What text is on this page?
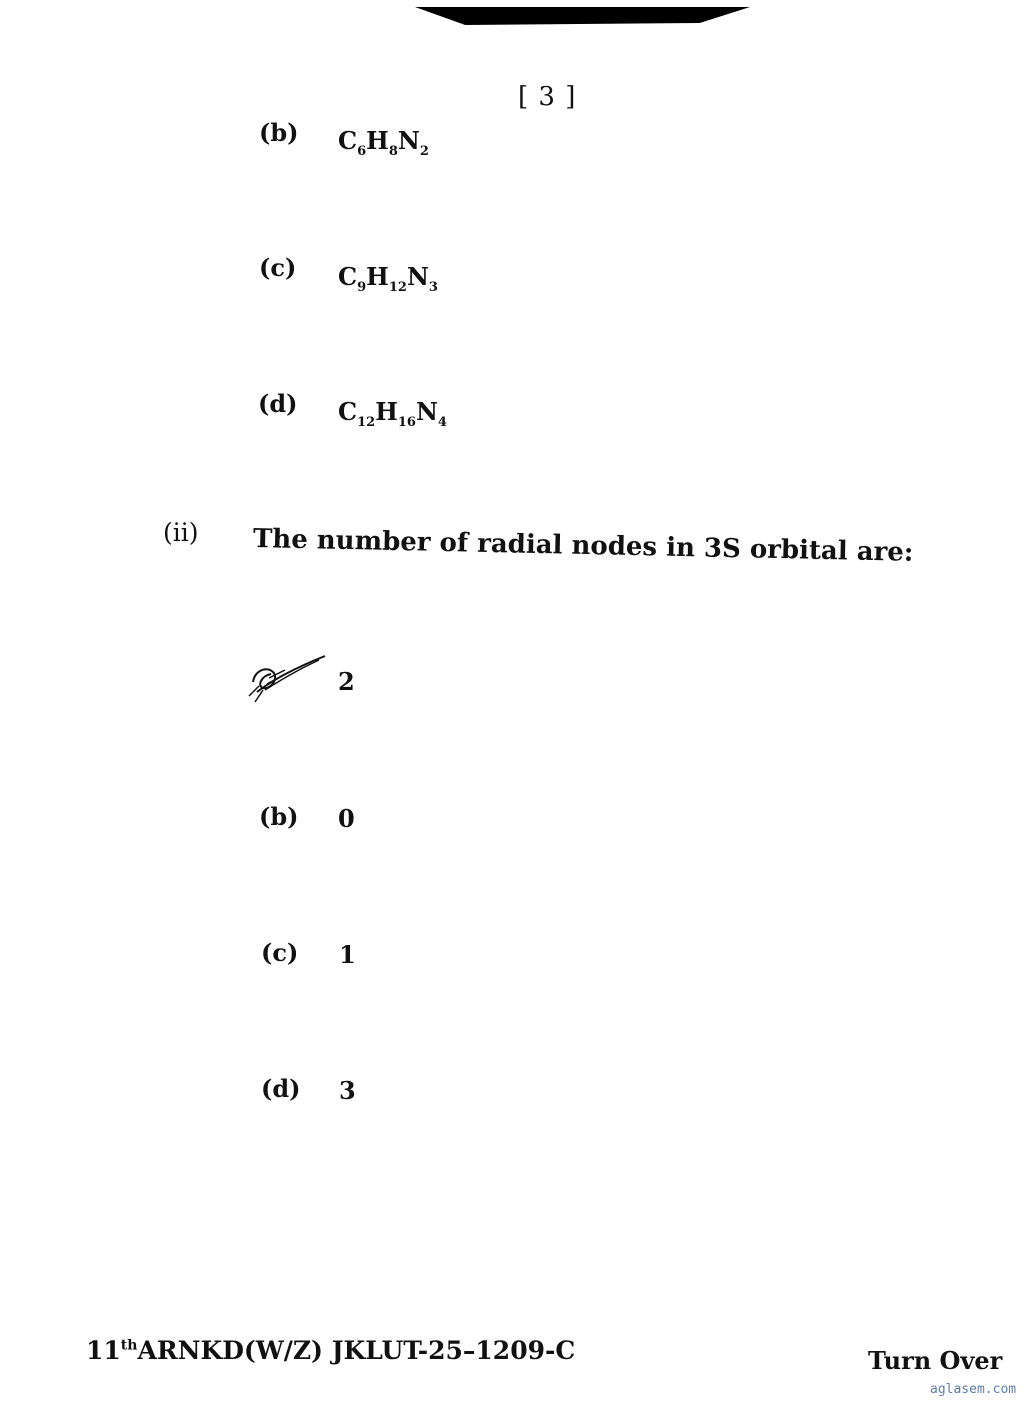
[ 3 ]
(b) $C_6H_8N_2$
(c) $C_9H_{12}N_3$
(d) $C_{12}H_{16}N_4$
(ii) The number of radial nodes in 3S orbital are:
2
(b) 0
(c) 1
(d) 3
11thARNKD(W/Z) JKLUT-25–1209-C	Turn Over
aglasem.com
